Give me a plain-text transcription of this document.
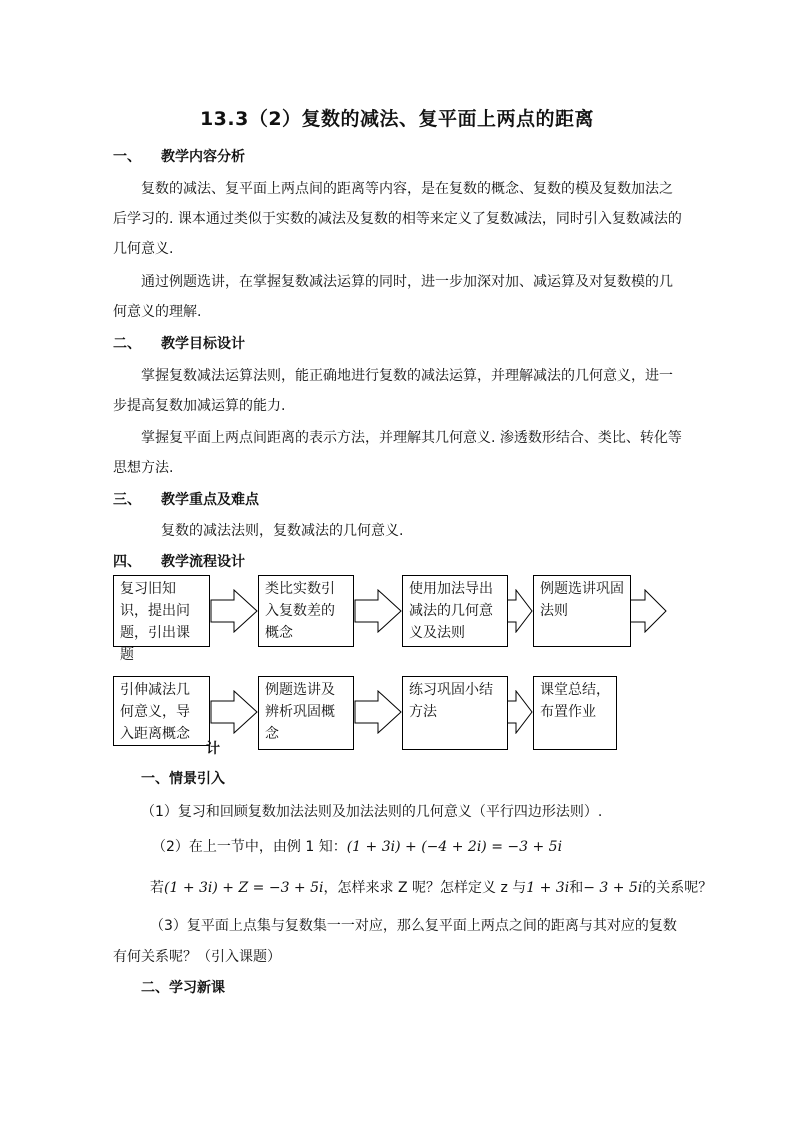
13.3（2）复数的减法、复平面上两点的距离
一、 教学内容分析
复数的减法、复平面上两点间的距离等内容，是在复数的概念、复数的模及复数加法之
后学习的. 课本通过类似于实数的减法及复数的相等来定义了复数减法，同时引入复数减法的
几何意义.
通过例题选讲，在掌握复数减法运算的同时，进一步加深对加、减运算及对复数模的几
何意义的理解.
二、 教学目标设计
掌握复数减法运算法则，能正确地进行复数的减法运算，并理解减法的几何意义，进一
步提高复数加减运算的能力.
掌握复平面上两点间距离的表示方法，并理解其几何意义. 渗透数形结合、类比、转化等
思想方法.
三、 教学重点及难点
复数的减法法则，复数减法的几何意义.
四、 教学流程设计
复习旧知识，提出问题，引出课题
类比实数引入复数差的概念
使用加法导出减法的几何意义及法则
例题选讲巩固法则
引伸减法几何意义，导入距离概念
例题选讲及辨析巩固概念
练习巩固小结方法
课堂总结，布置作业
计
一、情景引入
（1）复习和回顾复数加法法则及加法法则的几何意义（平行四边形法则）.
（2）在上一节中，由例 1 知：(1 + 3i) + (−4 + 2i) = −3 + 5i
若(1 + 3i) + Z = −3 + 5i，怎样来求 Z 呢？怎样定义 z 与1 + 3i和− 3 + 5i的关系呢？
（3）复平面上点集与复数集一一对应，那么复平面上两点之间的距离与其对应的复数
有何关系呢？（引入课题）
二、学习新课
